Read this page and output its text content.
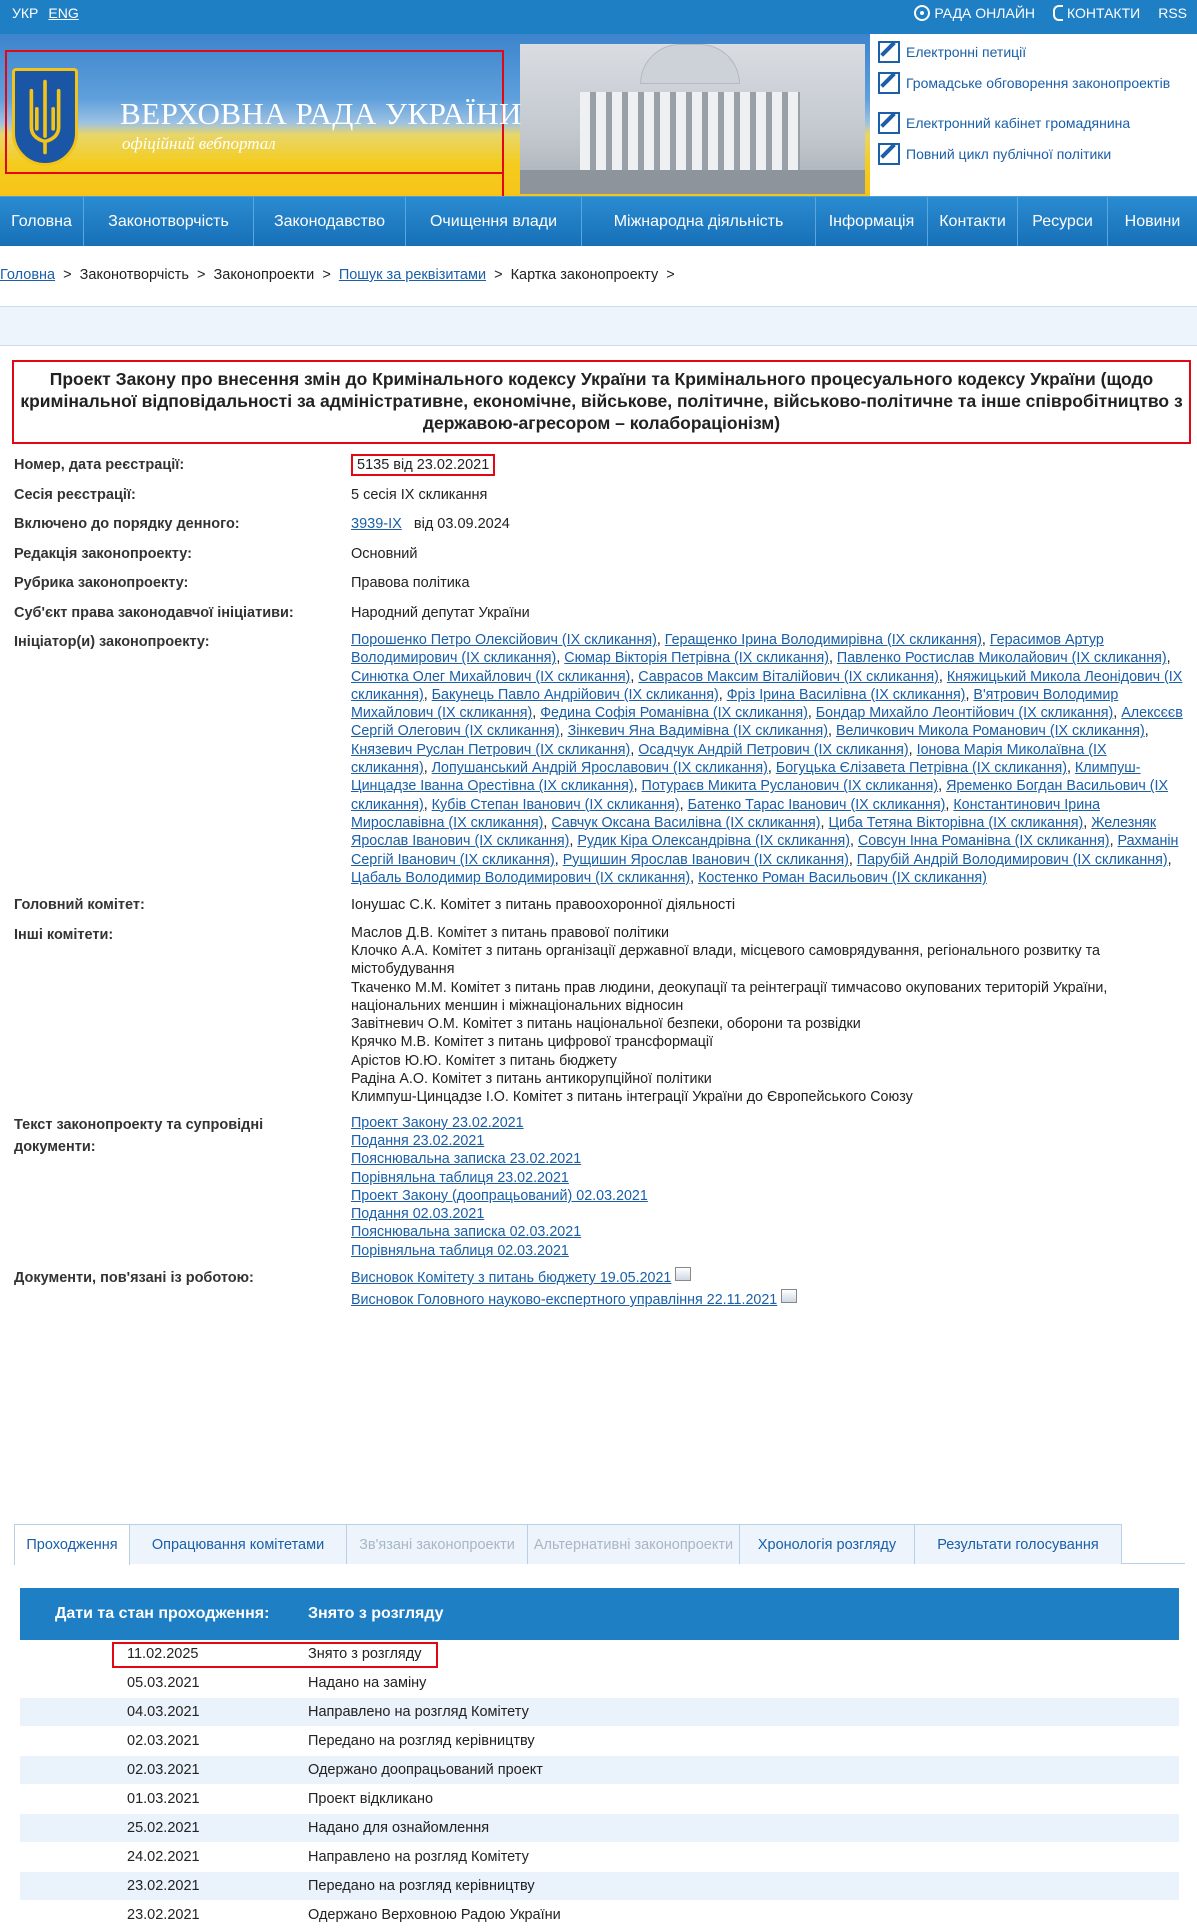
УКР ENG	РАДА ОНЛАЙН КОНТАКТИ RSS
ВЕРХОВНА РАДА УКРАЇНИ
офіційний вебпортал
Електронні петиції
Громадське обговорення законопроектів
Електронний кабінет громадянина
Повний цикл публічної політики
Головна	Законотворчість	Законодавство	Очищення влади	Міжнародна діяльність	Інформація	Контакти	Ресурси	Новини
Головна > Законотворчість > Законопроекти > Пошук за реквізитами > Картка законопроекту >
Проект Закону про внесення змін до Кримінального кодексу України та Кримінального процесуального кодексу України (щодо кримінальної відповідальності за адміністративне, економічне, військове, політичне, військово-політичне та інше співробітництво з державою-агресором – колабораціонізм)
Номер, дата реєстрації:	5135 від 23.02.2021
Сесія реєстрації:	5 сесія IX скликання
Включено до порядку денного:	3939-IX від 03.09.2024
Редакція законопроекту:	Основний
Рубрика законопроекту:	Правова політика
Суб'єкт права законодавчої ініціативи:	Народний депутат України
Ініціатор(и) законопроекту:	Порошенко Петро Олексійович (IX скликання), Геращенко Ірина Володимирівна (IX скликання), Герасимов Артур Володимирович (IX скликання), Сюмар Вікторія Петрівна (IX скликання), Павленко Ростислав Миколайович (IX скликання), Синютка Олег Михайлович (IX скликання), Саврасов Максим Віталійович (IX скликання), Княжицький Микола Леонідович (IX скликання), Бакунець Павло Андрійович (IX скликання), Фріз Ірина Василівна (IX скликання), В'ятрович Володимир Михайлович (IX скликання), Федина Софія Романівна (IX скликання), Бондар Михайло Леонтійович (IX скликання), Алексєєв Сергій Олегович (IX скликання), Зінкевич Яна Вадимівна (IX скликання), Величкович Микола Романович (IX скликання), Князевич Руслан Петрович (IX скликання), Осадчук Андрій Петрович (IX скликання), Іонова Марія Миколаївна (IX скликання), Лопушанський Андрій Ярославович (IX скликання), Богуцька Єлізавета Петрівна (IX скликання), Климпуш-Цинцадзе Іванна Орестівна (IX скликання), Потураєв Микита Русланович (IX скликання), Яременко Богдан Васильович (IX скликання), Кубів Степан Іванович (IX скликання), Батенко Тарас Іванович (IX скликання), Константинович Ірина Мирославівна (IX скликання), Савчук Оксана Василівна (IX скликання), Циба Тетяна Вікторівна (IX скликання), Железняк Ярослав Іванович (IX скликання), Рудик Кіра Олександрівна (IX скликання), Совсун Інна Романівна (IX скликання), Рахманін Сергій Іванович (IX скликання), Рущишин Ярослав Іванович (IX скликання), Парубій Андрій Володимирович (IX скликання), Цабаль Володимир Володимирович (IX скликання), Костенко Роман Васильович (IX скликання)
Головний комітет:	Іонушас С.К. Комітет з питань правоохоронної діяльності
Інші комітети:	Маслов Д.В. Комітет з питань правової політики
Клочко А.А. Комітет з питань організації державної влади, місцевого самоврядування, регіонального розвитку та містобудування
Ткаченко М.М. Комітет з питань прав людини, деокупації та реінтеграції тимчасово окупованих територій України, національних меншин і міжнаціональних відносин
Завітневич О.М. Комітет з питань національної безпеки, оборони та розвідки
Крячко М.В. Комітет з питань цифрової трансформації
Арістов Ю.Ю. Комітет з питань бюджету
Радіна А.О. Комітет з питань антикорупційної політики
Климпуш-Цинцадзе І.О. Комітет з питань інтеграції України до Європейського Союзу
Текст законопроекту та супровідні документи:
Проект Закону 23.02.2021
Подання 23.02.2021
Пояснювальна записка 23.02.2021
Порівняльна таблиця 23.02.2021
Проект Закону (доопрацьований) 02.03.2021
Подання 02.03.2021
Пояснювальна записка 02.03.2021
Порівняльна таблиця 02.03.2021
Документи, пов'язані із роботою:	Висновок Комітету з питань бюджету 19.05.2021
Висновок Головного науково-експертного управління 22.11.2021
Проходження	Опрацювання комітетами	Зв'язані законопроекти	Альтернативні законопроекти	Хронологія розгляду	Результати голосування
Дати та стан проходження:	Знято з розгляду
11.02.2025	Знято з розгляду
05.03.2021	Надано на заміну
04.03.2021	Направлено на розгляд Комітету
02.03.2021	Передано на розгляд керівництву
02.03.2021	Одержано доопрацьований проект
01.03.2021	Проект відкликано
25.02.2021	Надано для ознайомлення
24.02.2021	Направлено на розгляд Комітету
23.02.2021	Передано на розгляд керівництву
23.02.2021	Одержано Верховною Радою України
